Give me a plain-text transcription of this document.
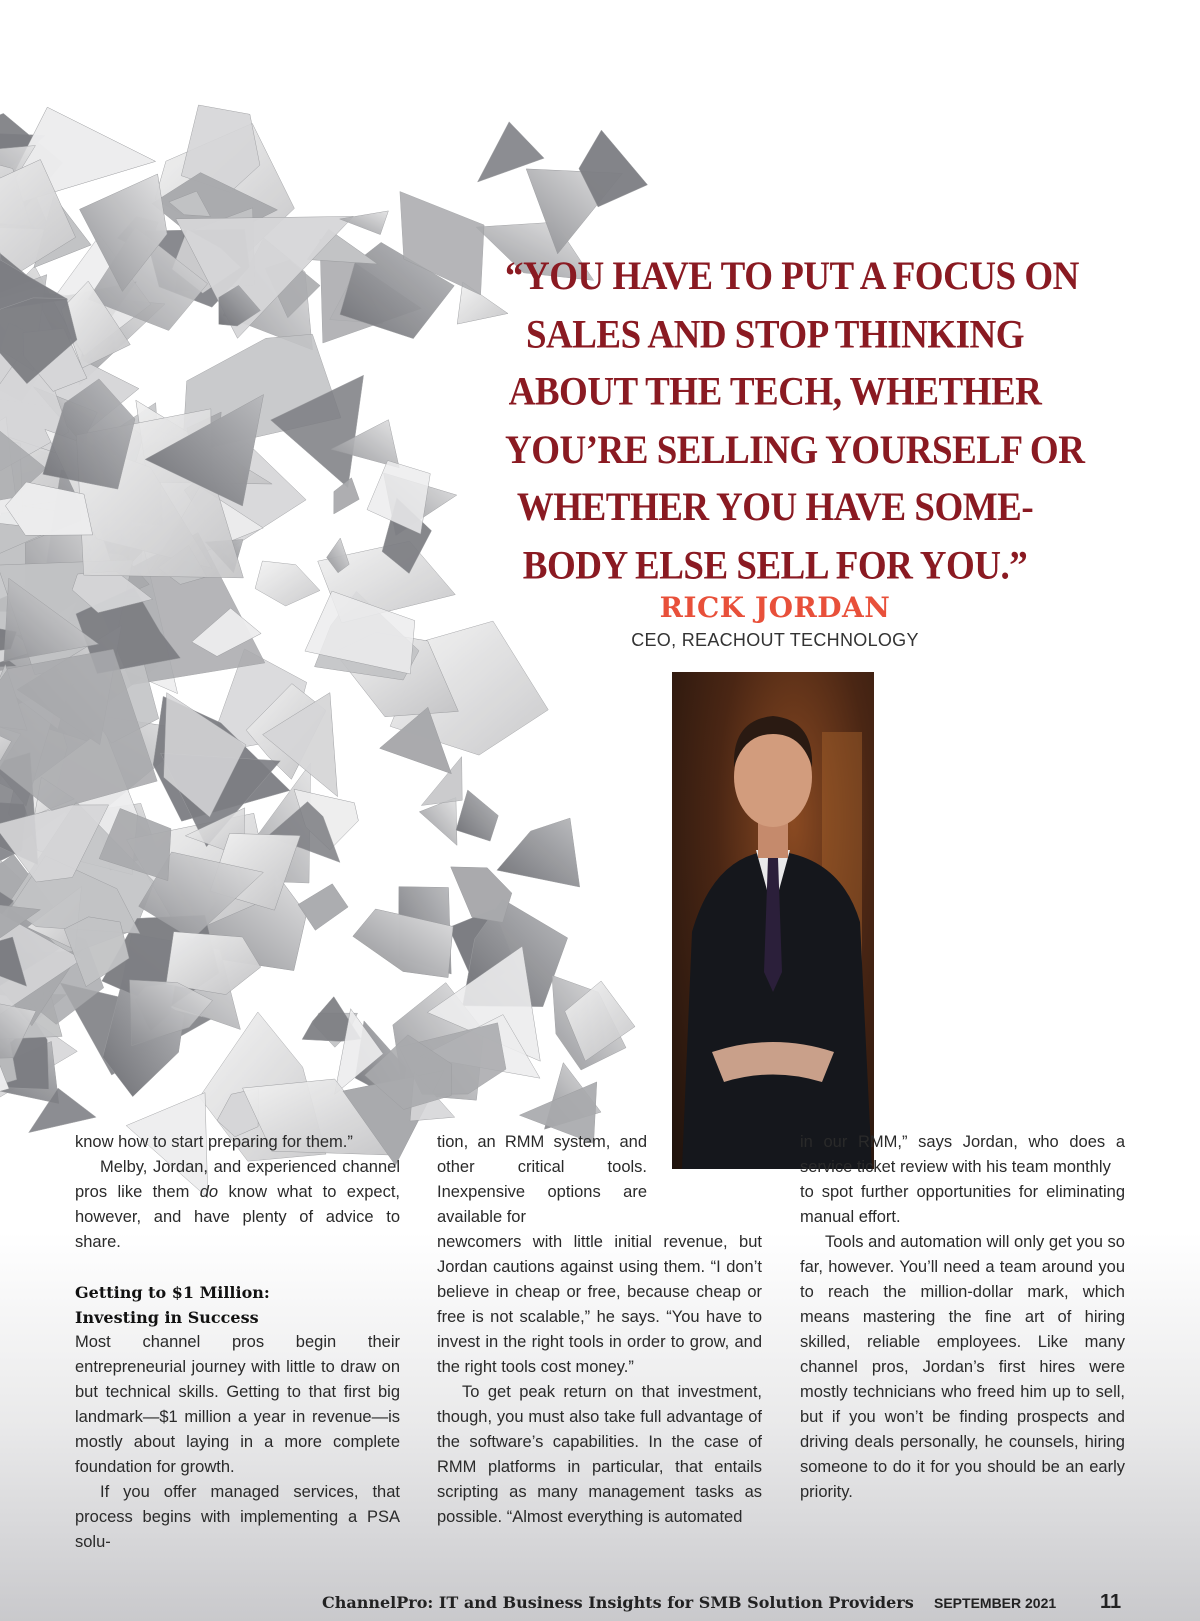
“YOU HAVE TO PUT A FOCUS ON
SALES AND STOP THINKING
ABOUT THE TECH, WHETHER
YOU’RE SELLING YOURSELF OR
WHETHER YOU HAVE SOME-
BODY ELSE SELL FOR YOU.”
RICK JORDAN
CEO, REACHOUT TECHNOLOGY

know how to start preparing for them.”

Melby, Jordan, and experienced channel pros like them do know what to expect, however, and have plenty of advice to share.

Getting to $1 Million:
Investing in Success

Most channel pros begin their entrepreneurial journey with little to draw on but technical skills. Getting to that first big landmark—$1 million a year in revenue—is mostly about laying in a more complete foundation for growth.

If you offer managed services, that process begins with implementing a PSA solu-

tion, an RMM system, and other critical tools. Inexpensive options are available for

newcomers with little initial revenue, but Jordan cautions against using them. “I don’t believe in cheap or free, because cheap or free is not scalable,” he says. “You have to invest in the right tools in order to grow, and the right tools cost money.”

To get peak return on that investment, though, you must also take full advantage of the software’s capabilities. In the case of RMM platforms in particular, that entails scripting as many management tasks as possible. “Almost everything is automated

in our RMM,” says Jordan, who does a service ticket review with his team monthly

to spot further opportunities for eliminating manual effort.

Tools and automation will only get you so far, however. You’ll need a team around you to reach the million-dollar mark, which means mastering the fine art of hiring skilled, reliable employees. Like many channel pros, Jordan’s first hires were mostly technicians who freed him up to sell, but if you won’t be finding prospects and driving deals personally, he counsels, hiring someone to do it for you should be an early priority.

ChannelPro: IT and Business Insights for SMB Solution Providers SEPTEMBER 2021 11
